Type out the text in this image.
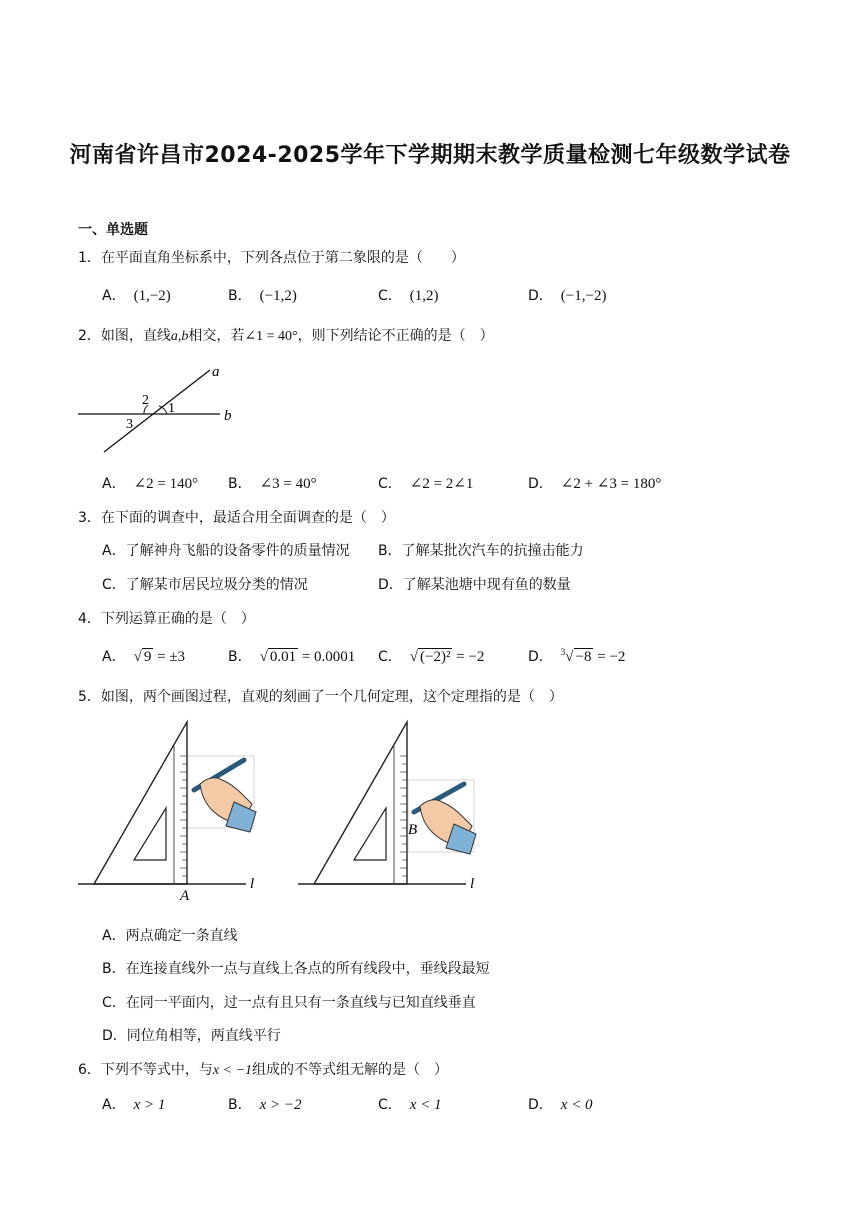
河南省许昌市2024-2025学年下学期期末教学质量检测七年级数学试卷
一、单选题
1．在平面直角坐标系中，下列各点位于第二象限的是（　　）
A． (1,−2)	B． (−1,2)	C． (1,2)	D． (−1,−2)
2．如图，直线a,b相交，若∠1 = 40°，则下列结论不正确的是（　）
a
b
1
2
3
A． ∠2 = 140° B． ∠3 = 40°	C． ∠2 = 2∠1	D． ∠2 + ∠3 = 180°
3．在下面的调查中，最适合用全面调查的是（　）
A．了解神舟飞船的设备零件的质量情况 B．了解某批次汽车的抗撞击能力
C．了解某市居民垃圾分类的情况	D．了解某池塘中现有鱼的数量
4．下列运算正确的是（　）
A． √ 9 = ±3	B． √ 0.01 = 0.0001 C． √ (−2)² = −2	D． $^3$√ −8 = −2
5．如图，两个画图过程，直观的刻画了一个几何定理，这个定理指的是（　）
A
l
B
l
A．两点确定一条直线
B．在连接直线外一点与直线上各点的所有线段中，垂线段最短
C．在同一平面内，过一点有且只有一条直线与已知直线垂直
D．同位角相等，两直线平行
6．下列不等式中，与x < −1组成的不等式组无解的是（　）
A． x > 1	B． x > −2	C． x < 1	D． x < 0
